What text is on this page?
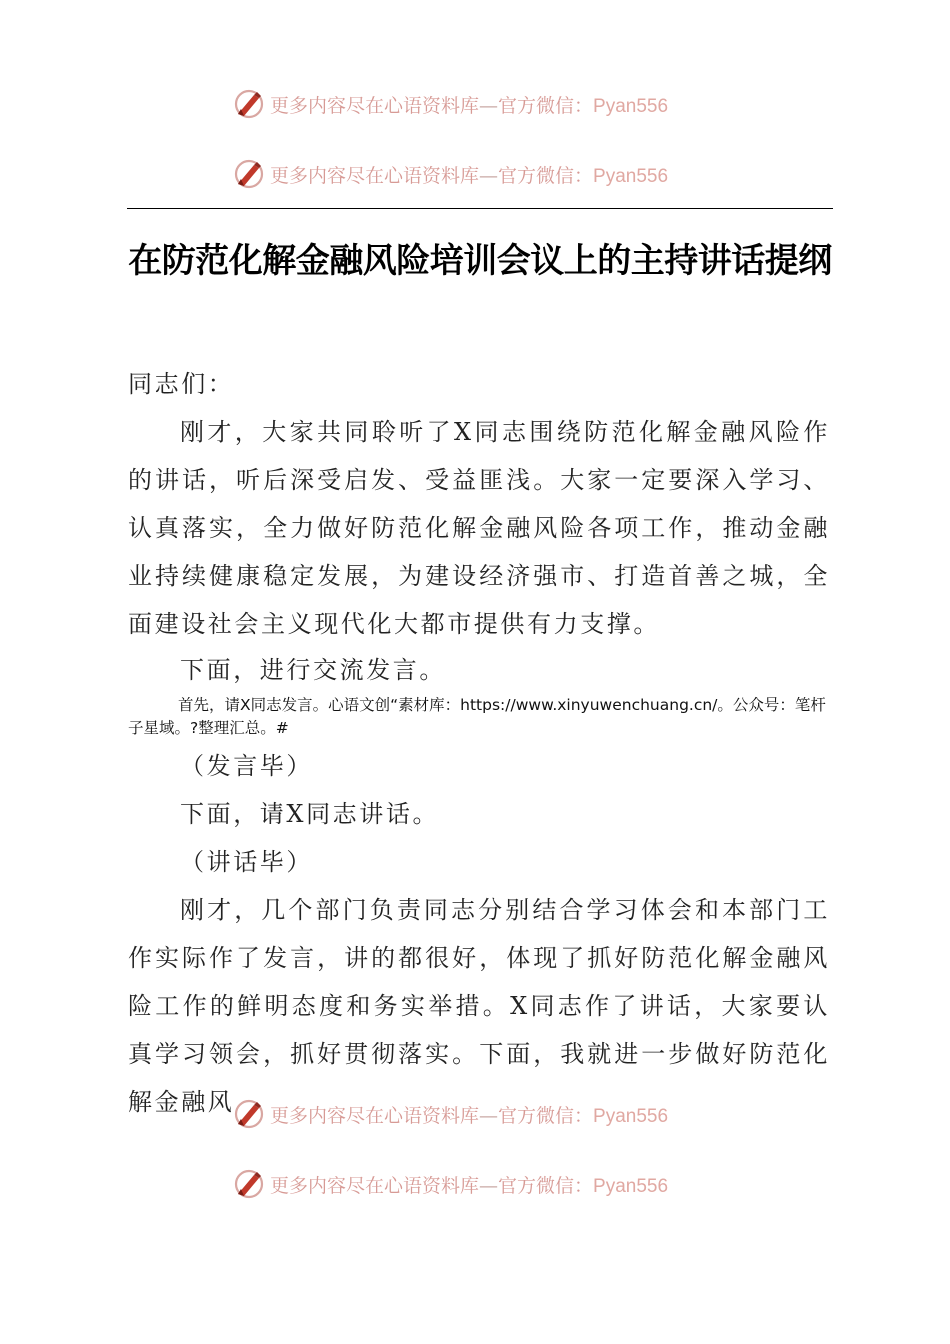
更多内容尽在心语资料库—官方微信：Pyan556
更多内容尽在心语资料库—官方微信：Pyan556
在防范化解金融风险培训会议上的主持讲话提纲
同志们：
刚才，大家共同聆听了X同志围绕防范化解金融风险作的讲话，听后深受启发、受益匪浅。大家一定要深入学习、认真落实，全力做好防范化解金融风险各项工作，推动金融业持续健康稳定发展，为建设经济强市、打造首善之城，全面建设社会主义现代化大都市提供有力支撑。
下面，进行交流发言。
首先，请X同志发言。心语文创“素材库：https://www.xinyuwenchuang.cn/。公众号：笔杆子星域。?整理汇总。#
（发言毕）
下面，请X同志讲话。
（讲话毕）
刚才，几个部门负责同志分别结合学习体会和本部门工作实际作了发言，讲的都很好，体现了抓好防范化解金融风险工作的鲜明态度和务实举措。X同志作了讲话，大家要认真学习领会，抓好贯彻落实。下面，我就进一步做好防范化解金融风	更多内容尽在心语资料库—官方微信：Pyan556
更多内容尽在心语资料库—官方微信：Pyan556
